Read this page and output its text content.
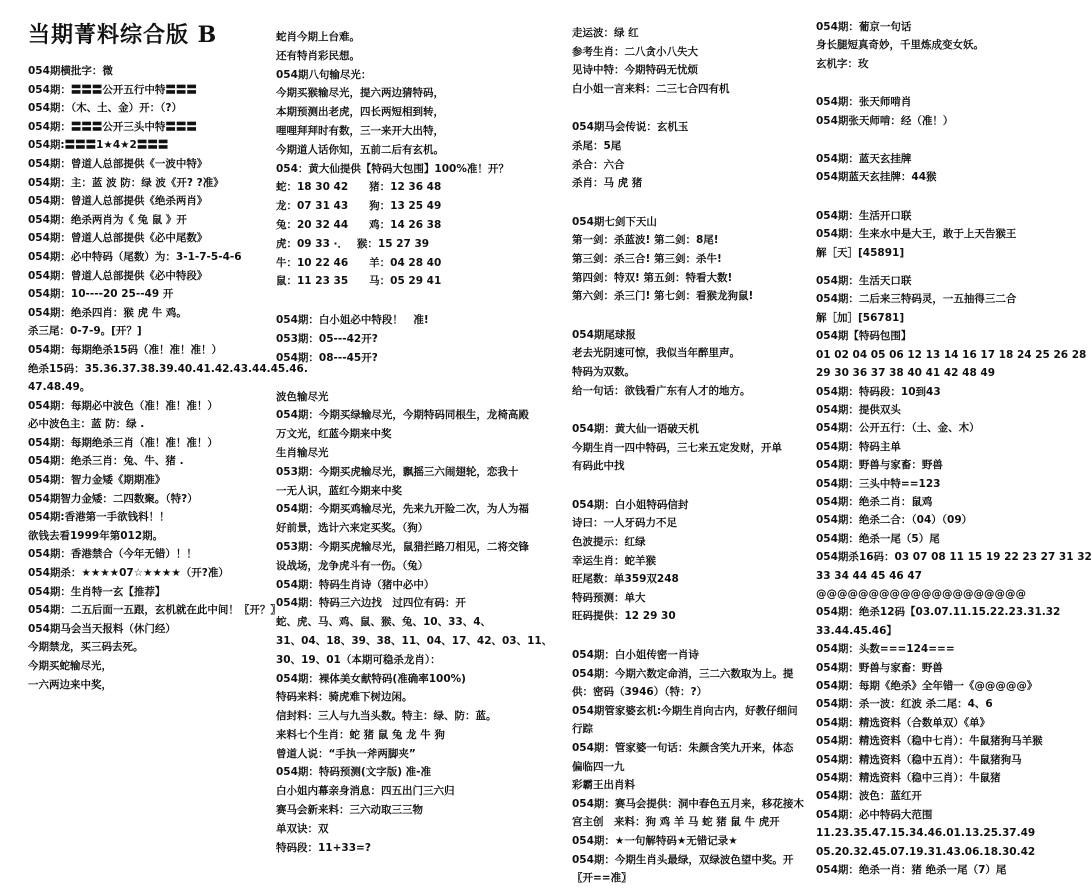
当期菁料综合版 B
054期横批字：微
054期：〓〓〓公开五行中特〓〓〓
054期：（木、土、金）开：（?）
054期：〓〓〓公开三头中特〓〓〓
054期:〓〓〓1★4★2〓〓〓
054期：曾道人总部提供《一波中特》
054期：主：蓝 波 防：绿 波《开? ?准》
054期：曾道人总部提供《绝杀两肖》
054期：绝杀两肖为《 兔 鼠 》开
054期：曾道人总部提供《必中尾数》
054期：必中特码（尾数）为：3-1-7-5-4-6
054期：曾道人总部提供《必中特段》
054期：10----20 25--49 开
054期：绝杀四肖：猴 虎 牛 鸡。
杀三尾：0-7-9。[开？]
054期：每期绝杀15码（准！准！准！）
绝杀15码：35.36.37.38.39.40.41.42.43.44.45.46.
47.48.49。
054期：每期必中波色（准！准！准！）
必中波色主：蓝 防：绿 .
054期：每期绝杀三肖（准！准！准！）
054期：绝杀三肖：兔、牛、猪 .
054期：智力金矮《期期准》
054期智力金矮：二四数聚。（特?）
054期:香港第一手欲钱料！！
欲钱去看1999年第012期。
054期：香港禁合（今年无错）！！
054期杀：★★★★07☆★★★★（开?准）
054期：生肖特一玄【推荐】
054期：二五后面一五跟，玄机就在此中间！〖开？〗
054期马会当天报料（休门经）
今期禁龙，买三码去死。
今期买蛇输尽光，
一六两边来中奖，
蛇肖今期上台难。
还有特肖彩民想。
054期八句输尽光：
今期买猴输尽光，提六两边猜特码，
本期预测出老虎，四长两短相到转，
哩哩拜拜时有数，三一来开大出特，
今期道人话你知，五前二后有玄机。
054：黄大仙提供【特码大包围】100%准！开？
蛇：18 30 42　　猪：12 36 48
龙：07 31 43　　狗：13 25 49
兔：20 32 44　　鸡：14 26 38
虎：09 33 ·．　 猴：15 27 39
牛：10 22 46　　羊：04 28 40
鼠：11 23 35　　马：05 29 41
054期：白小姐必中特段！　准!
053期：05---42开?
054期：08---45开?
波色输尽光
054期：今期买绿输尽光，今期特码同根生，龙椅高殿
万文光，红蓝今期来中奖
生肖输尽光
053期：今期买虎输尽光，飘摇三六闹翅轮，恋我十
一无人识，蓝红今期来中奖
054期：今期买鸡输尽光，先来九开险二次，为人为福
好前景，选计六来定买奖。（狗）
053期：今期买虎输尽光，鼠猎拦路刀相见，二将交锋
设战场，龙争虎斗有一伤。（兔）
054期：特码生肖诗（猪中必中）
054期：特码三六边找　过四位有码：开
蛇、虎、马、鸡、鼠、猴、兔、10、33、4、
31、04、18、39、38、11、04、17、42、03、11、
30、19、01（本期可稳杀龙肖）：
054期：裸体美女献特码(准确率100%)
特码来料：骑虎难下树边闲。
信封料：三人与九当头数。特主：绿、防：蓝。
来料七个生肖：蛇 猪 鼠 兔 龙 牛 狗
曾道人说：“手执一斧两脚夹”
054期：特码预测(文字版) 准-准
白小姐内幕亲身消息：四五出门三六归
赛马会新来料：三六动取三三物
单双诀：双
特码段：11+33=?
走运波：绿 红
参考生肖：二八贪小八失大
见诗中特：今期特码无忧烦
白小姐一言来料：二三七合四有机
054期马会传说：玄机玉
杀尾：5尾
杀合：六合
杀肖：马 虎 猪
054期七剑下天山
第一剑：杀蓝波! 第二剑：8尾!
第三剑：杀三合! 第三剑：杀牛!
第四剑：特双! 第五剑：特看大数!
第六剑：杀三门! 第七剑：看猴龙狗鼠!
054期尾球报
老去光阴速可惊，我似当年醉里声。
特码为双数。
给一句话：欲钱看广东有人才的地方。
054期：黄大仙一语破天机
今期生肖一四中特码，三七来五定发财，开单
有码此中找
054期：白小姐特码信封
诗曰：一人牙码力不足
色波提示：红绿
幸运生肖：蛇羊猴
旺尾数：单359双248
特码预测：单大
旺码提供：12 29 30
054期：白小姐传密一肖诗
054期：今期六数定命消，三二六数取为上。提
供：密码（3946）（特：?）
054期管家婆玄机:今期生肖向古内，好教仔细问
行踪
054期：管家婆一句话：朱颜含笑九开来，体态
偏临四一九
彩霸王出肖料
054期：赛马会提供：洞中春色五月来，移花接木
宫主创　来料：狗 鸡 羊 马 蛇 猪 鼠 牛 虎开
054期：★一句解特码★无错记录★
054期：今期生肖头最绿，双绿波色望中奖。开
〖开==准〗
054期：葡京一句话
身长腿短真奇妙，千里炼成变女妖。
玄机字：玫
054期：张天师啃肖
054期张天师啃：经（准！）
054期：蓝天玄挂牌
054期蓝天玄挂牌：44猴
054期：生活开口联
054期：生来水中是大王，敢于上天告猴王
解［天］[45891]
054期：生活天口联
054期：二后来三特码灵，一五抽得三二合
解［加］[56781]
054期【特码包围】
01 02 04 05 06 12 13 14 16 17 18 24 25 26 28
29 30 36 37 38 40 41 42 48 49
054期：特码段：10到43
054期：提供双头
054期：公开五行：（土、金、木）
054期：特码主单
054期：野兽与家畜：野兽
054期：三头中特==123
054期：绝杀二肖：鼠鸡
054期：绝杀二合：（04）（09）
054期：绝杀一尾（5）尾
054期杀16码：03 07 08 11 15 19 22 23 27 31 32
33 34 44 45 46 47
@@@@@@@@@@@@@@@@@@@@
054期：绝杀12码【03.07.11.15.22.23.31.32
33.44.45.46】
054期：头数===124===
054期：野兽与家畜：野兽
054期：每期《绝杀》全年错一《@@@@@》
054期：杀一波：红波 杀二尾：4、6
054期：精选资料（合数单双）《单》
054期：精选资料（稳中七肖）：牛鼠猪狗马羊猴
054期：精选资料（稳中五肖）：牛鼠猪狗马
054期：精选资料（稳中三肖）：牛鼠猪
054期：波色：蓝红开
054期：必中特码大范围
11.23.35.47.15.34.46.01.13.25.37.49
05.20.32.45.07.19.31.43.06.18.30.42
054期：绝杀一肖：猪 绝杀一尾（7）尾
